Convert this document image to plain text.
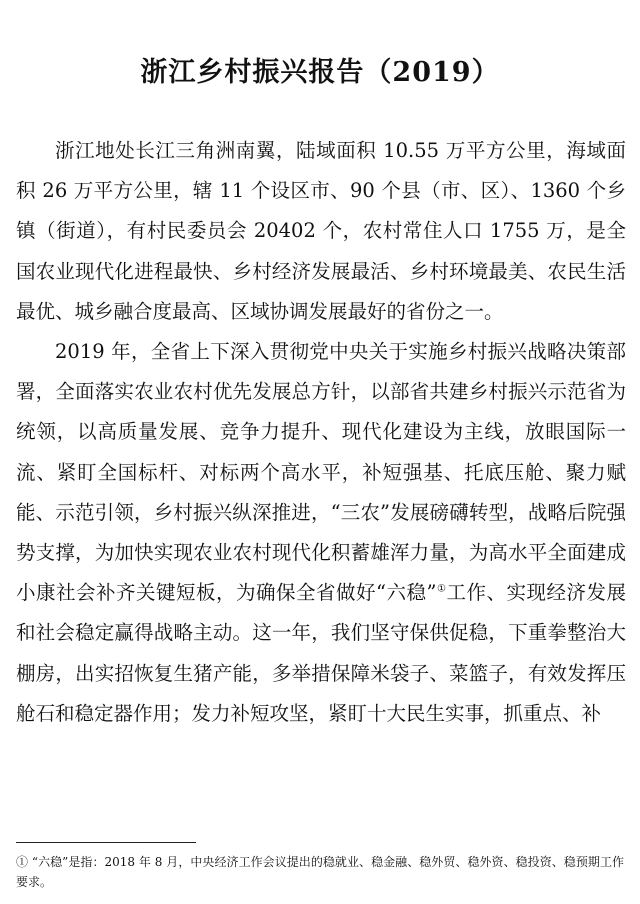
浙江乡村振兴报告（2019）

浙江地处长江三角洲南翼，陆域面积 10.55 万平方公里，海域面积 26 万平方公里，辖 11 个设区市、90 个县（市、区）、1360 个乡镇（街道），有村民委员会 20402 个，农村常住人口 1755 万，是全国农业现代化进程最快、乡村经济发展最活、乡村环境最美、农民生活最优、城乡融合度最高、区域协调发展最好的省份之一。

2019 年，全省上下深入贯彻党中央关于实施乡村振兴战略决策部署，全面落实农业农村优先发展总方针，以部省共建乡村振兴示范省为统领，以高质量发展、竞争力提升、现代化建设为主线，放眼国际一流、紧盯全国标杆、对标两个高水平，补短强基、托底压舱、聚力赋能、示范引领，乡村振兴纵深推进，“三农”发展磅礴转型，战略后院强势支撑，为加快实现农业农村现代化积蓄雄浑力量，为高水平全面建成小康社会补齐关键短板，为确保全省做好“六稳”①工作、实现经济发展和社会稳定赢得战略主动。这一年，我们坚守保供促稳，下重拳整治大棚房，出实招恢复生猪产能，多举措保障米袋子、菜篮子，有效发挥压舱石和稳定器作用；发力补短攻坚，紧盯十大民生实事，抓重点、补

① “六稳”是指：2018 年 8 月，中央经济工作会议提出的稳就业、稳金融、稳外贸、稳外资、稳投资、稳预期工作要求。
